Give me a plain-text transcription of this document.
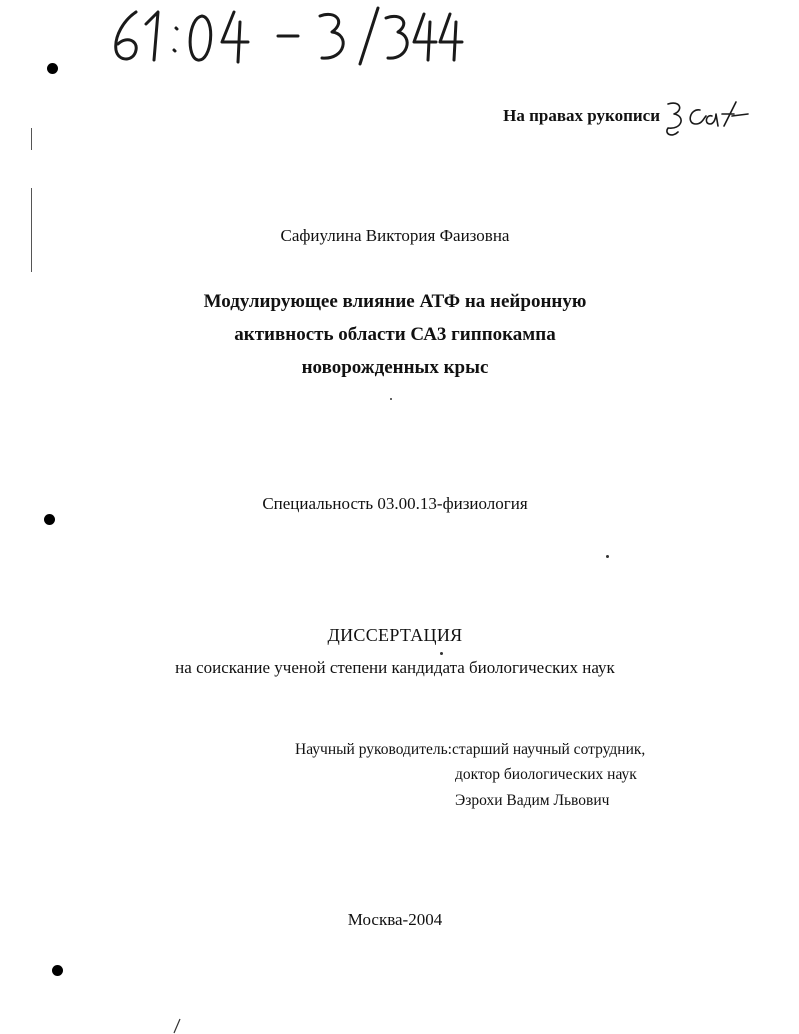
На правах рукописи
Сафиулина Виктория Фаизовна
Модулирующее влияние АТФ на нейронную
активность области СА3 гиппокампа
новорожденных крыс
Специальность 03.00.13-физиология
ДИССЕРТАЦИЯ
на соискание ученой степени кандидата биологических наук
Научный руководитель: старший научный сотрудник,
доктор биологических наук
Эзрохи Вадим Львович
Москва-2004
